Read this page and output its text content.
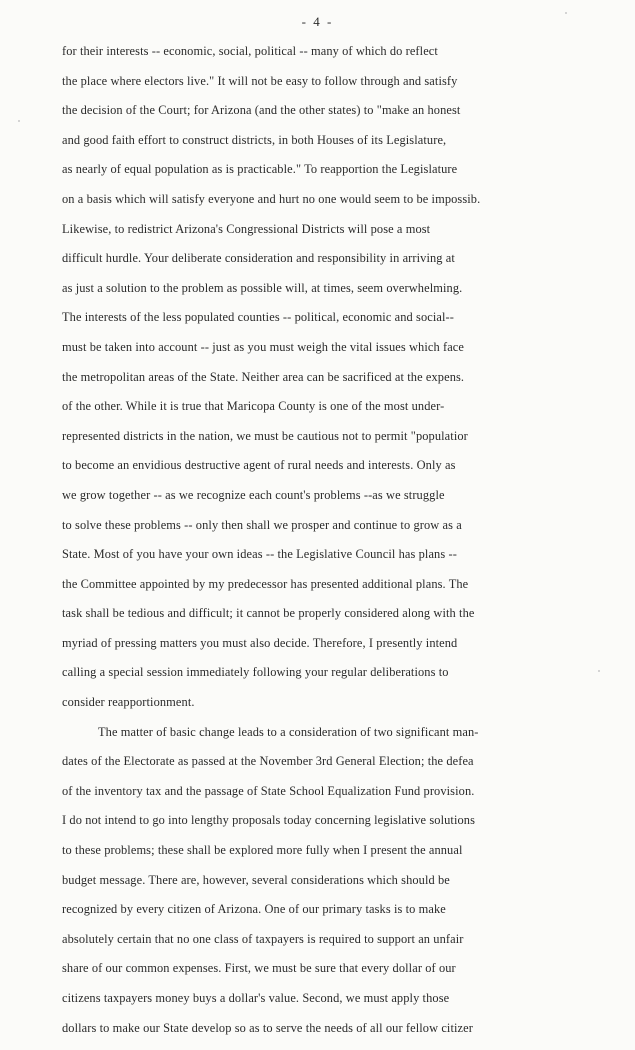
- 4 -
for their interests -- economic, social, political -- many of which do reflect
the place where electors live." It will not be easy to follow through and satisfy
the decision of the Court; for Arizona (and the other states) to "make an honest
and good faith effort to construct districts, in both Houses of its Legislature,
as nearly of equal population as is practicable." To reapportion the Legislature
on a basis which will satisfy everyone and hurt no one would seem to be impossib.
Likewise, to redistrict Arizona's Congressional Districts will pose a most
difficult hurdle. Your deliberate consideration and responsibility in arriving at
as just a solution to the problem as possible will, at times, seem overwhelming.
The interests of the less populated counties -- political, economic and social--
must be taken into account -- just as you must weigh the vital issues which face
the metropolitan areas of the State. Neither area can be sacrificed at the expens.
of the other. While it is true that Maricopa County is one of the most under-
represented districts in the nation, we must be cautious not to permit "populatior
to become an envidious destructive agent of rural needs and interests. Only as
we grow together -- as we recognize each count's problems --as we struggle
to solve these problems -- only then shall we prosper and continue to grow as a
State. Most of you have your own ideas -- the Legislative Council has plans --
the Committee appointed by my predecessor has presented additional plans. The
task shall be tedious and difficult; it cannot be properly considered along with the
myriad of pressing matters you must also decide. Therefore, I presently intend
calling a special session immediately following your regular deliberations to
consider reapportionment.
The matter of basic change leads to a consideration of two significant man-
dates of the Electorate as passed at the November 3rd General Election; the defea
of the inventory tax and the passage of State School Equalization Fund provision.
I do not intend to go into lengthy proposals today concerning legislative solutions
to these problems; these shall be explored more fully when I present the annual
budget message. There are, however, several considerations which should be
recognized by every citizen of Arizona. One of our primary tasks is to make
absolutely certain that no one class of taxpayers is required to support an unfair
share of our common expenses. First, we must be sure that every dollar of our
citizens taxpayers money buys a dollar's value. Second, we must apply those
dollars to make our State develop so as to serve the needs of all our fellow citizer
